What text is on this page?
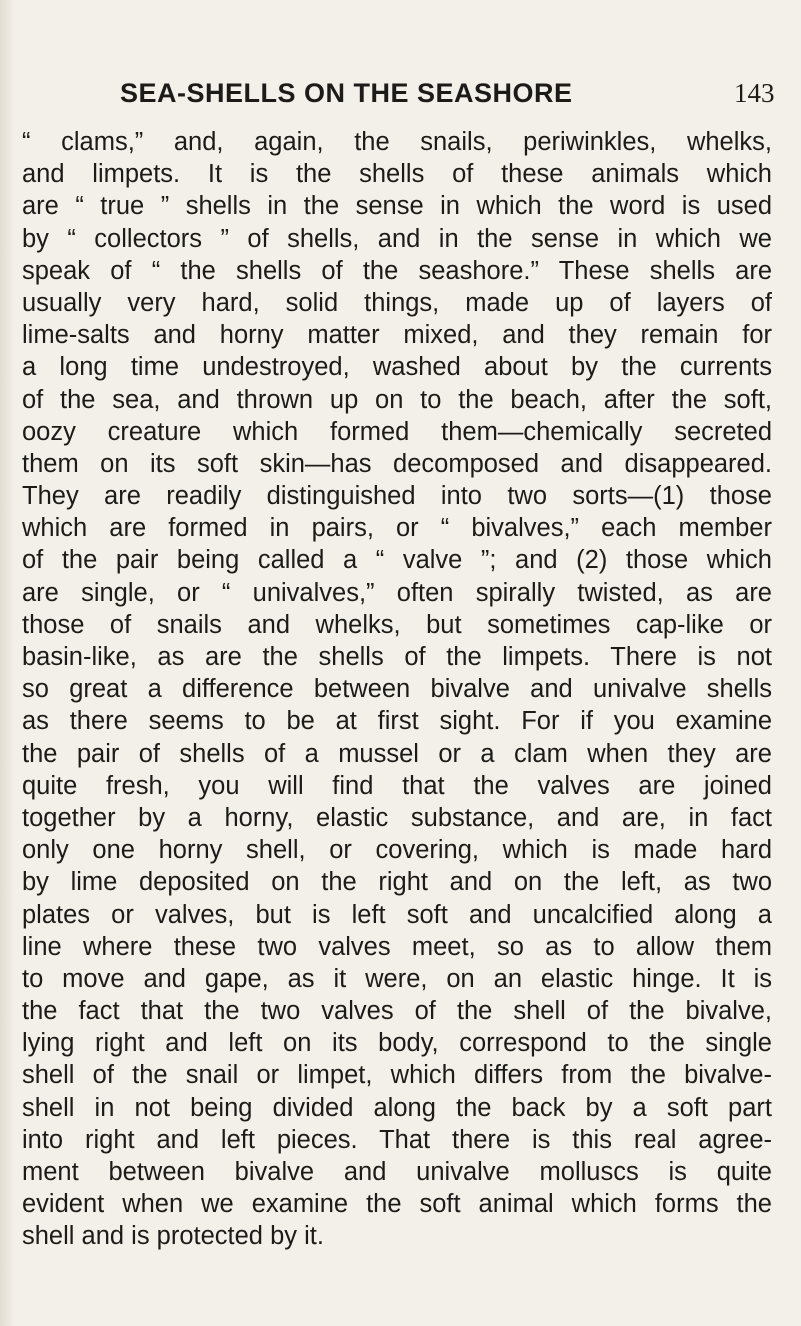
SEA-SHELLS ON THE SEASHORE	143
“ clams,” and, again, the snails, periwinkles, whelks,
and limpets. It is the shells of these animals which
are “ true ” shells in the sense in which the word is used
by “ collectors ” of shells, and in the sense in which we
speak of “ the shells of the seashore.” These shells are
usually very hard, solid things, made up of layers of
lime-salts and horny matter mixed, and they remain for
a long time undestroyed, washed about by the currents
of the sea, and thrown up on to the beach, after the soft,
oozy creature which formed them—chemically secreted
them on its soft skin—has decomposed and disappeared.
They are readily distinguished into two sorts—(1) those
which are formed in pairs, or “ bivalves,” each member
of the pair being called a “ valve ”; and (2) those which
are single, or “ univalves,” often spirally twisted, as are
those of snails and whelks, but sometimes cap-like or
basin-like, as are the shells of the limpets. There is not
so great a difference between bivalve and univalve shells
as there seems to be at first sight. For if you examine
the pair of shells of a mussel or a clam when they are
quite fresh, you will find that the valves are joined
together by a horny, elastic substance, and are, in fact
only one horny shell, or covering, which is made hard
by lime deposited on the right and on the left, as two
plates or valves, but is left soft and uncalcified along a
line where these two valves meet, so as to allow them
to move and gape, as it were, on an elastic hinge. It is
the fact that the two valves of the shell of the bivalve,
lying right and left on its body, correspond to the single
shell of the snail or limpet, which differs from the bivalve-
shell in not being divided along the back by a soft part
into right and left pieces. That there is this real agree-
ment between bivalve and univalve molluscs is quite
evident when we examine the soft animal which forms the
shell and is protected by it.
